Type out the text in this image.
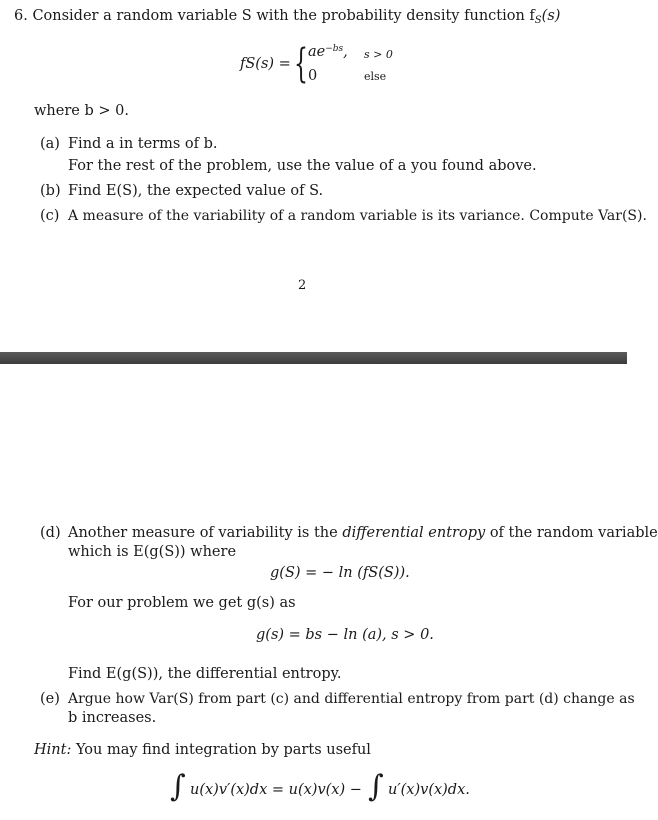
6. Consider a random variable S with the probability density function $f_S(s)$
fS(s) = { $ae^{-bs}$, s > 0
0	else
where b > 0.
(a) Find a in terms of b.
For the rest of the problem, use the value of a you found above.
(b) Find E(S), the expected value of S.
(c) A measure of the variability of a random variable is its variance. Compute Var(S).
2
(d) Another measure of variability is the differential entropy of the random variable
which is E(g(S)) where
g(S) = − ln (fS(S)).
For our problem we get g(s) as
g(s) = bs − ln (a), s > 0.
Find E(g(S)), the differential entropy.
(e) Argue how Var(S) from part (c) and differential entropy from part (d) change as
b increases.
Hint: You may find integration by parts useful
∫ u(x)v′(x)dx = u(x)v(x) − ∫ u′(x)v(x)dx.
